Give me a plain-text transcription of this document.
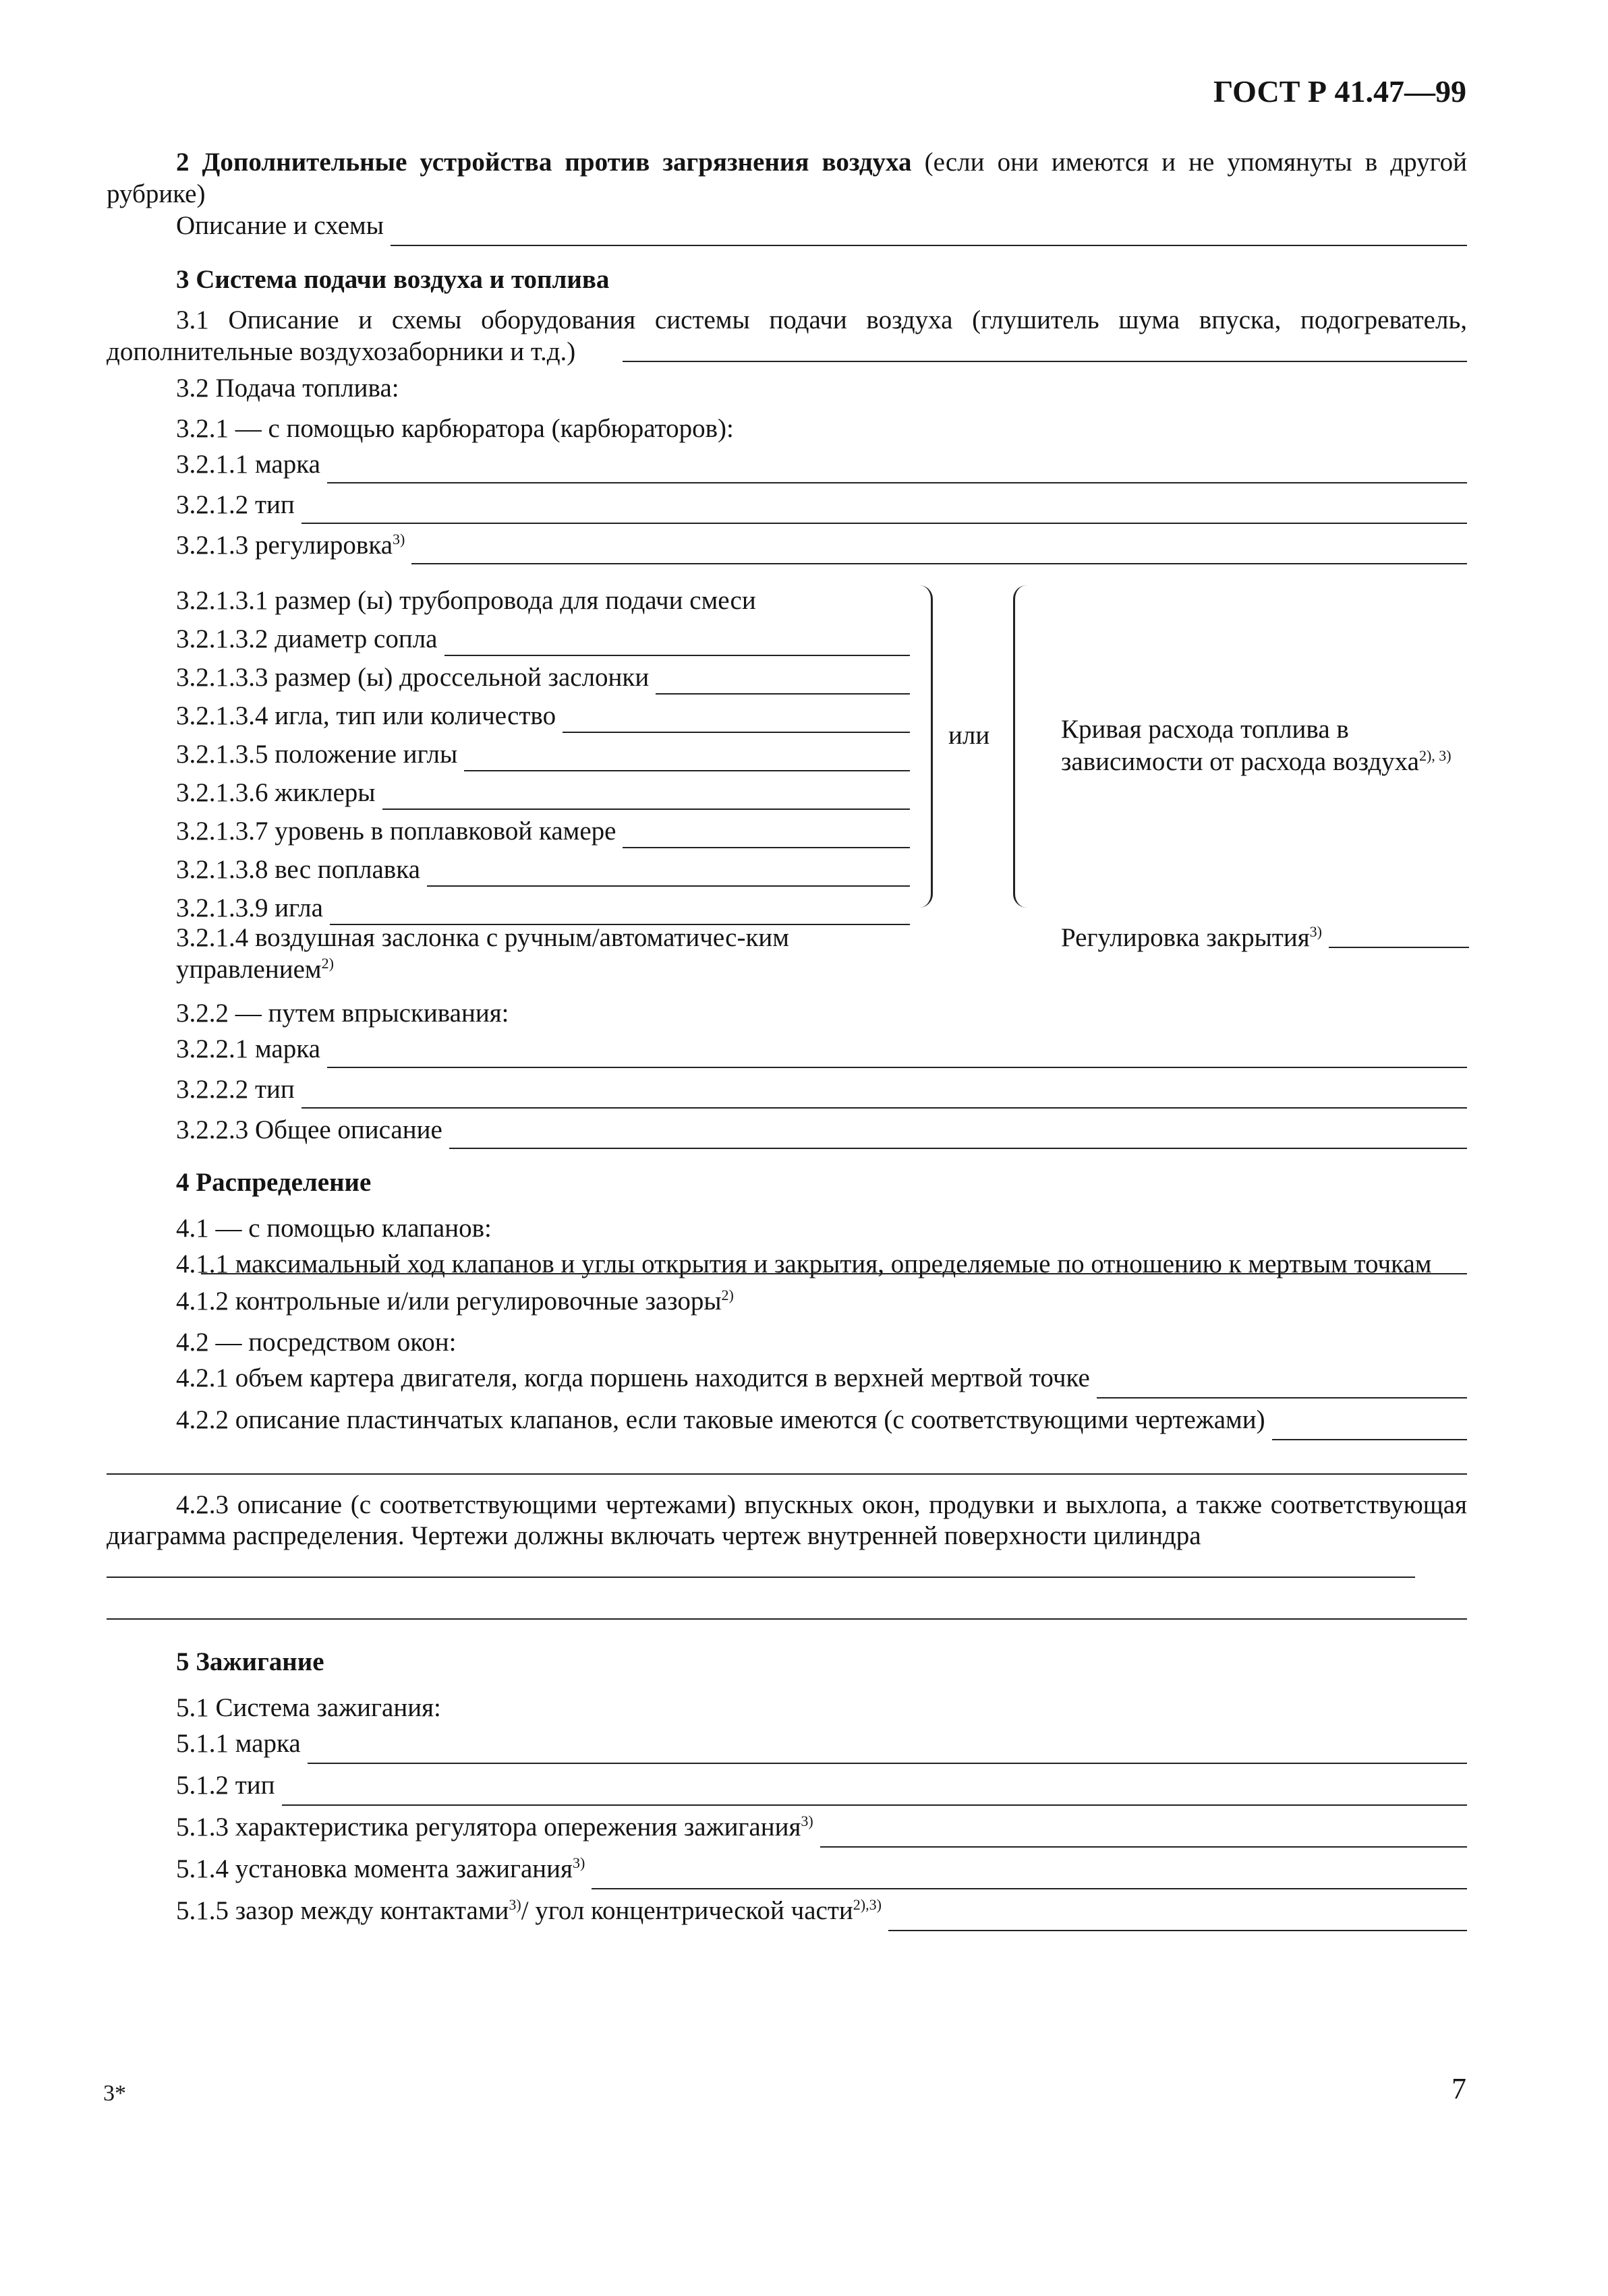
ГОСТ Р 41.47—99

2 Дополнительные устройства против загрязнения воздуха (если они имеются и не упомянуты в другой рубрике)

Описание и схемы

3 Система подачи воздуха и топлива

3.1 Описание и схемы оборудования системы подачи воздуха (глушитель шума впуска, подогреватель, дополнительные воздухозаборники и т.д.)

3.2 Подача топлива:
3.2.1 — с помощью карбюратора (карбюраторов):
3.2.1.1 марка
3.2.1.2 тип
3.2.1.3 регулировка$^{3)}$
3.2.1.3.1 размер (ы) трубопровода для подачи смеси
3.2.1.3.2 диаметр сопла
3.2.1.3.3 размер (ы) дроссельной заслонки
3.2.1.3.4 игла, тип или количество
3.2.1.3.5 положение иглы
3.2.1.3.6 жиклеры
3.2.1.3.7 уровень в поплавковой камере
3.2.1.3.8 вес поплавка
3.2.1.3.9 игла
или	Кривая расхода топлива в зависимости от расхода воздуха$^{2), 3)}$
3.2.1.4 воздушная заслонка с ручным/автоматичес-ким управлением$^{2)}$
Регулировка закрытия$^{3)}$
3.2.2 — путем впрыскивания:
3.2.2.1 марка
3.2.2.2 тип
3.2.2.3 Общее описание

4 Распределение

4.1 — с помощью клапанов:

4.1.1 максимальный ход клапанов и углы открытия и закрытия, определяемые по отношению к мертвым точкам

4.1.2 контрольные и/или регулировочные зазоры$^{2)}$
4.2 — посредством окон:
4.2.1 объем картера двигателя, когда поршень находится в верхней мертвой точке
4.2.2 описание пластинчатых клапанов, если таковые имеются (с соответствующими чертежами)

4.2.3 описание (с соответствующими чертежами) впускных окон, продувки и выхлопа, а также соответствующая диаграмма распределения. Чертежи должны включать чертеж внутренней поверхности цилиндра

5 Зажигание

5.1 Система зажигания:
5.1.1 марка
5.1.2 тип
5.1.3 характеристика регулятора опережения зажигания$^{3)}$
5.1.4 установка момента зажигания$^{3)}$
5.1.5 зазор между контактами$^{3)}$/ угол концентрической части$^{2),3)}$
3*	7
